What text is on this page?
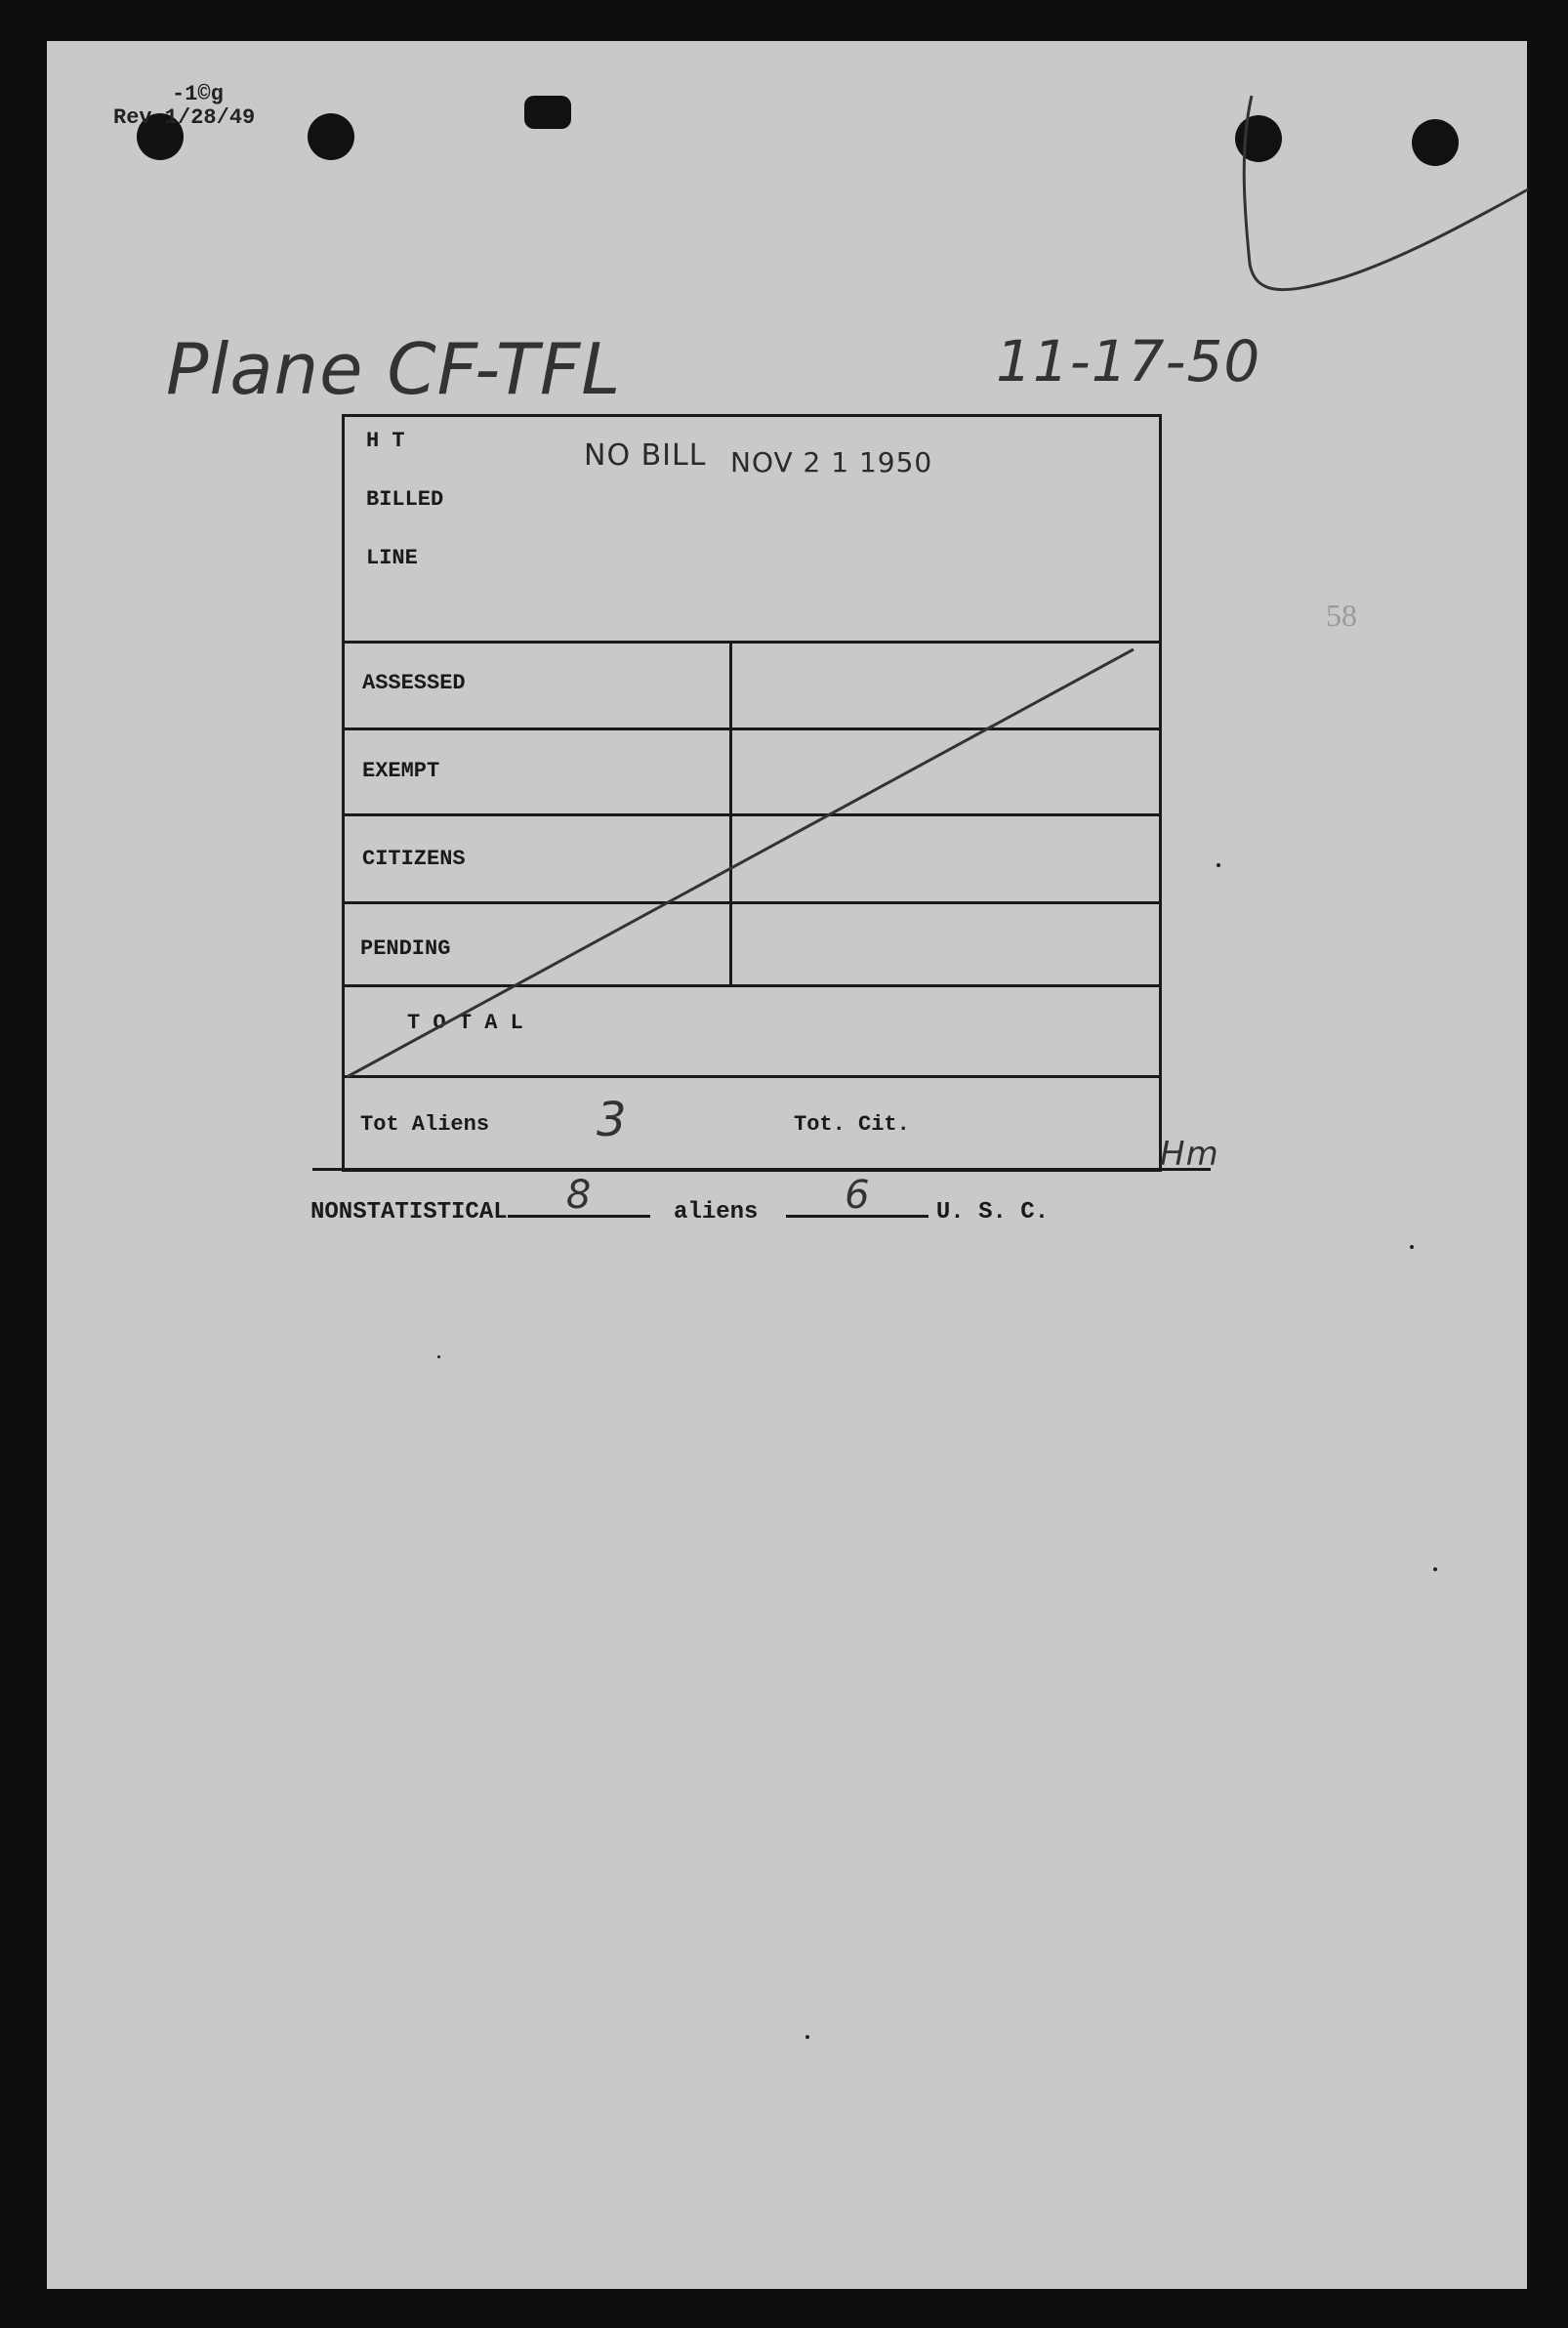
-1©g
Rev 1/28/49
Plane CF-TFL	11-17-50
58
H T
BILLED
LINE
NO BILL NOV 2 1 1950
ASSESSED
EXEMPT
CITIZENS
PENDING
T O T A L
Tot Aliens 3	Tot. Cit.
Hm
NONSTATISTICAL	8	aliens	6	U. S. C.
